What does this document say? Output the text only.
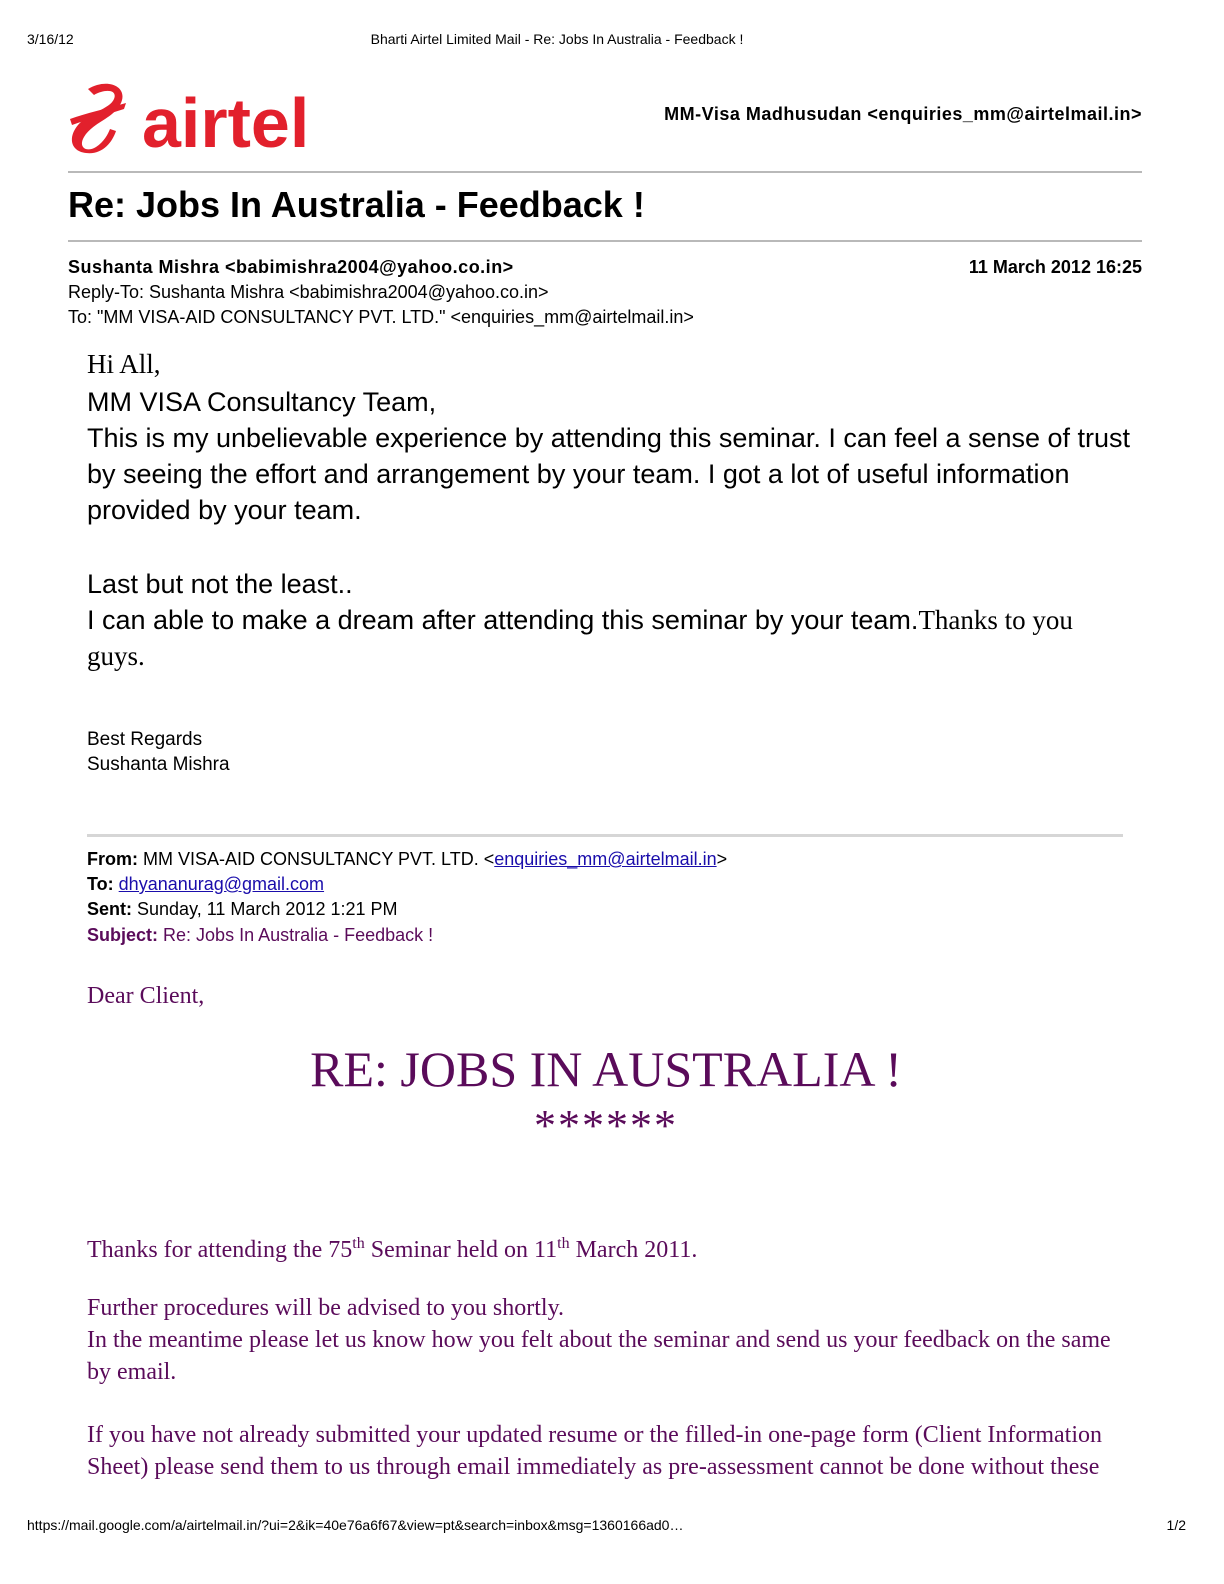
3/16/12	Bharti Airtel Limited Mail - Re: Jobs In Australia - Feedback !
airtel	MM-Visa Madhusudan <enquiries_mm@airtelmail.in>
Re: Jobs In Australia - Feedback !
Sushanta Mishra <babimishra2004@yahoo.co.in>	11 March 2012 16:25
Reply-To: Sushanta Mishra <babimishra2004@yahoo.co.in>
To: "MM VISA-AID CONSULTANCY PVT. LTD." <enquiries_mm@airtelmail.in>
Hi All,
MM VISA Consultancy Team,
This is my unbelievable experience by attending this seminar. I can feel a sense of trust by seeing the effort and arrangement by your team. I got a lot of useful information provided by your team.
Last but not the least..
I can able to make a dream after attending this seminar by your team.Thanks to you guys.
Best Regards
Sushanta Mishra
From: MM VISA-AID CONSULTANCY PVT. LTD. <enquiries_mm@airtelmail.in>
To: dhyananurag@gmail.com
Sent: Sunday, 11 March 2012 1:21 PM
Subject: Re: Jobs In Australia - Feedback !
Dear Client,
RE: JOBS IN AUSTRALIA !
******
Thanks for attending the 75th Seminar held on 11th March 2011.
Further procedures will be advised to you shortly.
In the meantime please let us know how you felt about the seminar and send us your feedback on the same by email.
If you have not already submitted your updated resume or the filled-in one-page form (Client Information Sheet) please send them to us through email immediately as pre-assessment cannot be done without these
https://mail.google.com/a/airtelmail.in/?ui=2&ik=40e76a6f67&view=pt&search=inbox&msg=1360166ad0…	1/2
